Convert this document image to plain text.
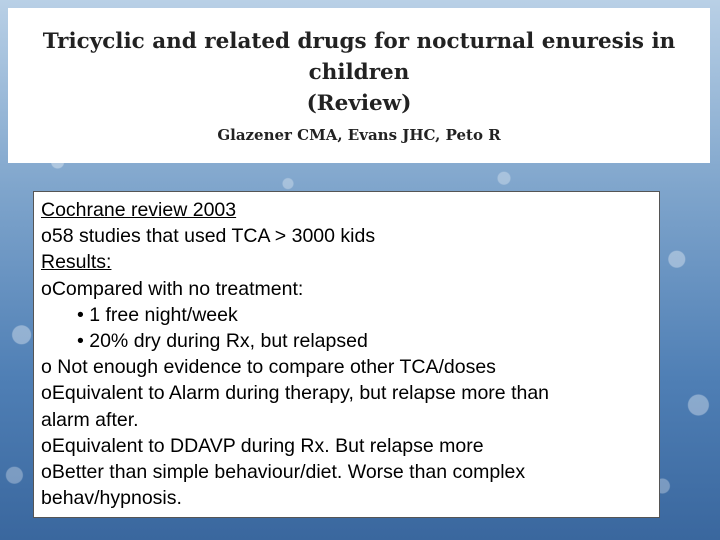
Tricyclic and related drugs for nocturnal enuresis in children
(Review)
Glazener CMA, Evans JHC, Peto R
Cochrane review 2003
o58 studies that used TCA > 3000 kids
Results:
oCompared with no treatment:
• 1 free night/week
• 20% dry during Rx, but relapsed
o Not enough evidence to compare other TCA/doses
oEquivalent to Alarm during therapy, but relapse more than
alarm after.
oEquivalent to DDAVP during Rx. But relapse more
oBetter than simple behaviour/diet. Worse than complex
behav/hypnosis.
